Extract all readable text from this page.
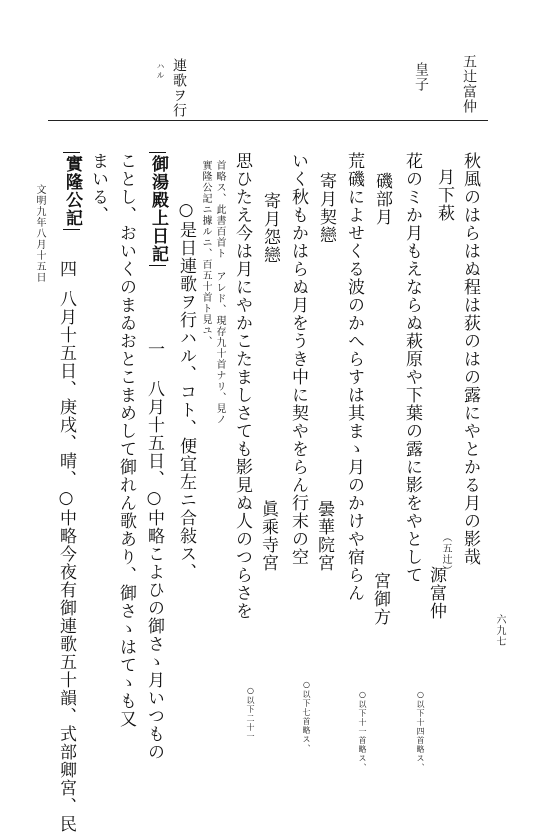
五辻富仲
皇子
連歌ヲ行
ハル
秋風のはらはぬ程は荻のはの露にやとかる月の影哉
月下萩
（五辻）
源富仲
花のミか月もえならぬ萩原や下葉の露に影をやとして
○以下十四首略ス、
磯部月
宮御方
荒磯によせくる波のかへらすは其まゝ月のかけや宿らん
○以下十一首略ス、
寄月契戀
曇華院宮
いく秋もかはらぬ月をうき中に契やをらん行末の空
○以下七首略ス、
寄月怨戀
眞乘寺宮
思ひたえ今は月にやかこたましさても影見ぬ人のつらさを
○以下二十一
首略ス、此書百首ト アレド、現存九十首ナリ、見ノ
實隆公記ニ據ルニ、百五十首ト見ユ、
○是日連歌ヲ行ハル、コト、便宜左ニ合敍ス、
御湯殿上日記
一
八月十五日、○中略こよひの御さゝ月いつもの
ことし、おいくのまゐおとこまめして御れん歌あり、御さゝはてゝも又
まいる、
實隆公記
四
八月十五日、庚戌、晴、○中略今夜有御連歌五十韻、式部卿宮、民
文明九年八月十五日
六九七
